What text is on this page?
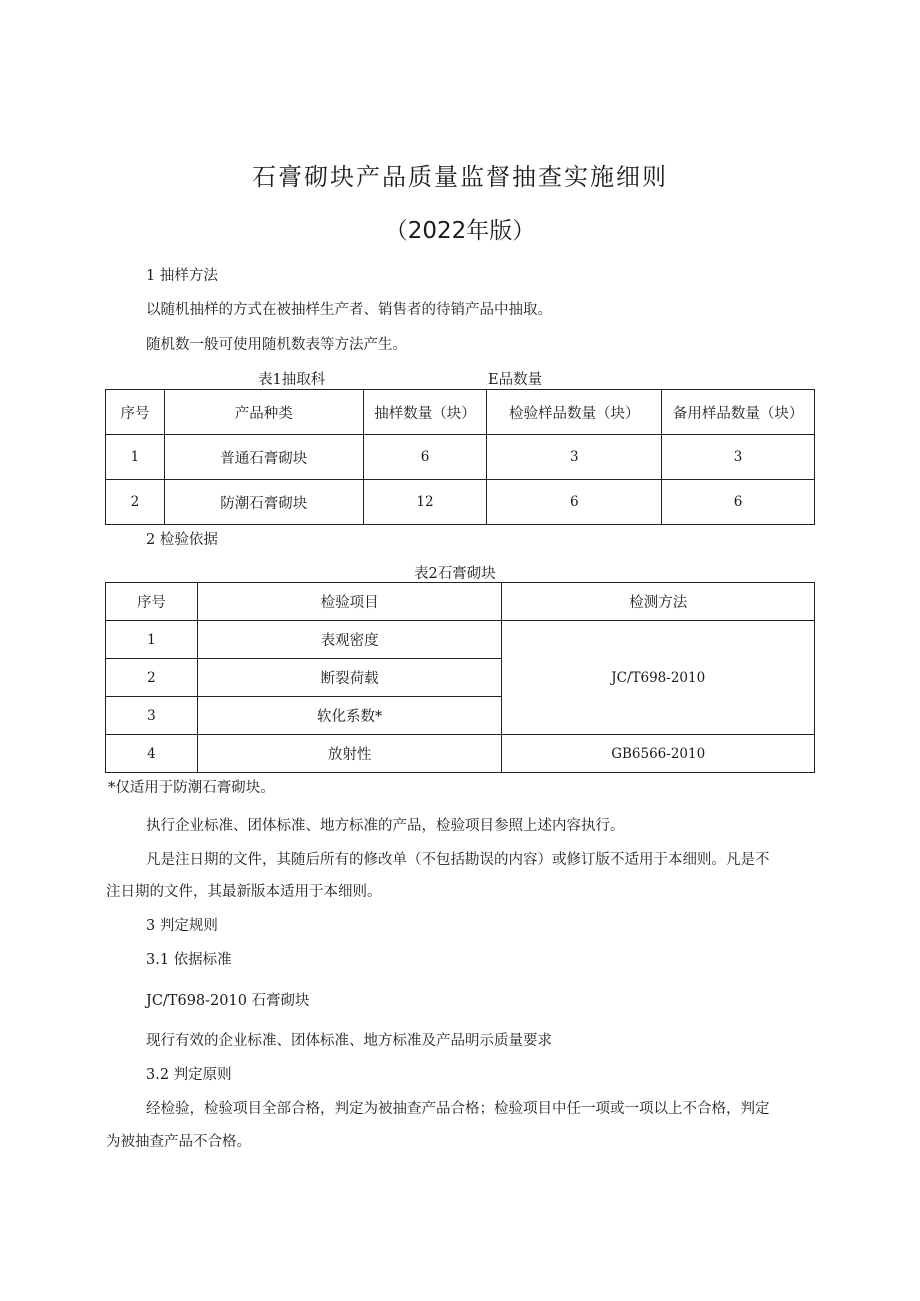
石膏砌块产品质量监督抽查实施细则
（2022年版）
1 抽样方法
以随机抽样的方式在被抽样生产者、销售者的待销产品中抽取。
随机数一般可使用随机数表等方法产生。
表1抽取科	E品数量
序号	产品种类	抽样数量（块）	检验样品数量（块）	备用样品数量（块）
1	普通石膏砌块	6	3	3
2	防潮石膏砌块	12	6	6
2 检验依据
表2石膏砌块
序号	检验项目	检测方法
1	表观密度	JC/T698-2010
2	断裂荷载	
3	软化系数*	
4	放射性	GB6566-2010
*仅适用于防潮石膏砌块。
执行企业标准、团体标准、地方标准的产品，检验项目参照上述内容执行。
凡是注日期的文件，其随后所有的修改单（不包括勘误的内容）或修订版不适用于本细则。凡是不
注日期的文件，其最新版本适用于本细则。
3 判定规则
3.1 依据标准
JC/T698-2010 石膏砌块
现行有效的企业标准、团体标准、地方标准及产品明示质量要求
3.2 判定原则
经检验，检验项目全部合格，判定为被抽查产品合格；检验项目中任一项或一项以上不合格，判定
为被抽查产品不合格。
